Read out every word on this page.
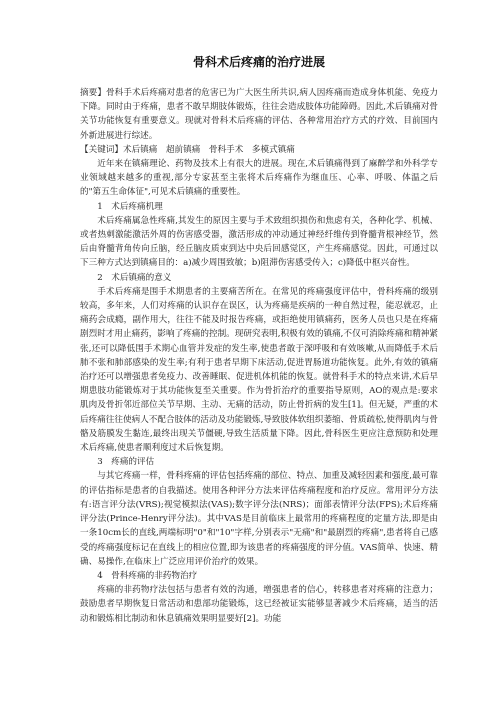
骨科术后疼痛的治疗进展

摘要】骨科手术后疼痛对患者的危害已为广大医生所共识,病人因疼痛而造成身体机能、免疫力下降。同时由于疼痛，患者不敢早期肢体锻炼，往往会造成肢体功能障碍。因此,术后镇痛对骨关节功能恢复有重要意义。现就对骨科术后疼痛的评估、各种常用治疗方式的疗效、目前国内外新进展进行综述。

【关键词】术后镇痛　超前镇痛　骨科手术　多模式镇痛

近年来在镇痛理论、药物及技术上有很大的进展。现在,术后镇痛得到了麻醉学和外科学专业领域越来越多的重视,部分专家甚至主张将术后疼痛作为继血压、心率、呼吸、体温之后的"第五生命体征",可见术后镇痛的重要性。

1　术后疼痛机理

术后疼痛属急性疼痛,其发生的原因主要与手术致组织损伤和焦虑有关，各种化学、机械、或者热刺激能激活外周的伤害感受器，激活形成的冲动通过神经纤维传到脊髓背根神经节，然后由脊髓背角传向丘脑，经丘脑皮质束到达中央后回感觉区，产生疼痛感觉。因此，可通过以下三种方式达到镇痛目的：a)减少周围致敏；b)阻滞伤害感受传入；c)降低中枢兴奋性。

2　术后镇痛的意义

手术后疼痛是围手术期患者的主要痛苦所在。在常见的疼痛强度评估中，骨科疼痛的级别较高，多年来，人们对疼痛的认识存在误区，认为疼痛是疾病的一种自然过程，能忍就忍，止痛药会成瘾，副作用大，往往不能及时报告疼痛，或拒绝使用镇痛药，医务人员也只是在疼痛剧烈时才用止痛药，影响了疼痛的控制。现研究表明,积极有效的镇痛,不仅可消除疼痛和精神紧张,还可以降低围手术期心血管并发症的发生率,使患者敢于深呼吸和有效咳嗽,从而降低手术后肺不张和肺部感染的发生率;有利于患者早期下床活动,促进胃肠道功能恢复。此外,有效的镇痛治疗还可以增强患者免疫力、改善睡眠、促进机体机能的恢复。就骨科手术的特点来讲,术后早期患肢功能锻炼对于其功能恢复至关重要。作为骨折治疗的重要指导原则，AO的观点是:要求肌肉及骨折邻近部位关节早期、主动、无痛的活动，防止骨折病的发生[1]。但无疑，严重的术后疼痛往往使病人不配合肢体的活动及功能锻炼,导致肢体软组织萎缩、骨质疏松,使得肌肉与骨骼及筋膜发生黏连,最终出现关节僵硬,导致生活质量下降。因此,骨科医生更应注意预防和处理术后疼痛,使患者顺利度过术后恢复期。

3　疼痛的评估

与其它疼痛一样，骨科疼痛的评估包括疼痛的部位、特点、加重及减轻因素和强度,最可靠的评估指标是患者的自我描述。使用各种评分方法来评估疼痛程度和治疗反应。常用评分方法有:语言评分法(VRS);视觉模拟法(VAS);数字评分法(NRS)；面部表情评分法(FPS);术后疼痛评分法(Prince-Henry评分法)。其中VAS是目前临床上最常用的疼痛程度的定量方法,即是由一条10cm长的直线,两端标明"0"和"10"字样,分别表示"无痛"和"最剧烈的疼痛",患者将自己感受的疼痛强度标记在直线上的相应位置,即为该患者的疼痛强度的评分值。VAS简单、快速、精确、易操作,在临床上广泛应用评价治疗的效果。

4　骨科疼痛的非药物治疗

疼痛的非药物疗法包括与患者有效的沟通，增强患者的信心，转移患者对疼痛的注意力；鼓励患者早期恢复日常活动和患部功能锻炼，这已经被证实能够显著减少术后疼痛，适当的活动和锻炼相比制动和休息镇痛效果明显要好[2]。功能
